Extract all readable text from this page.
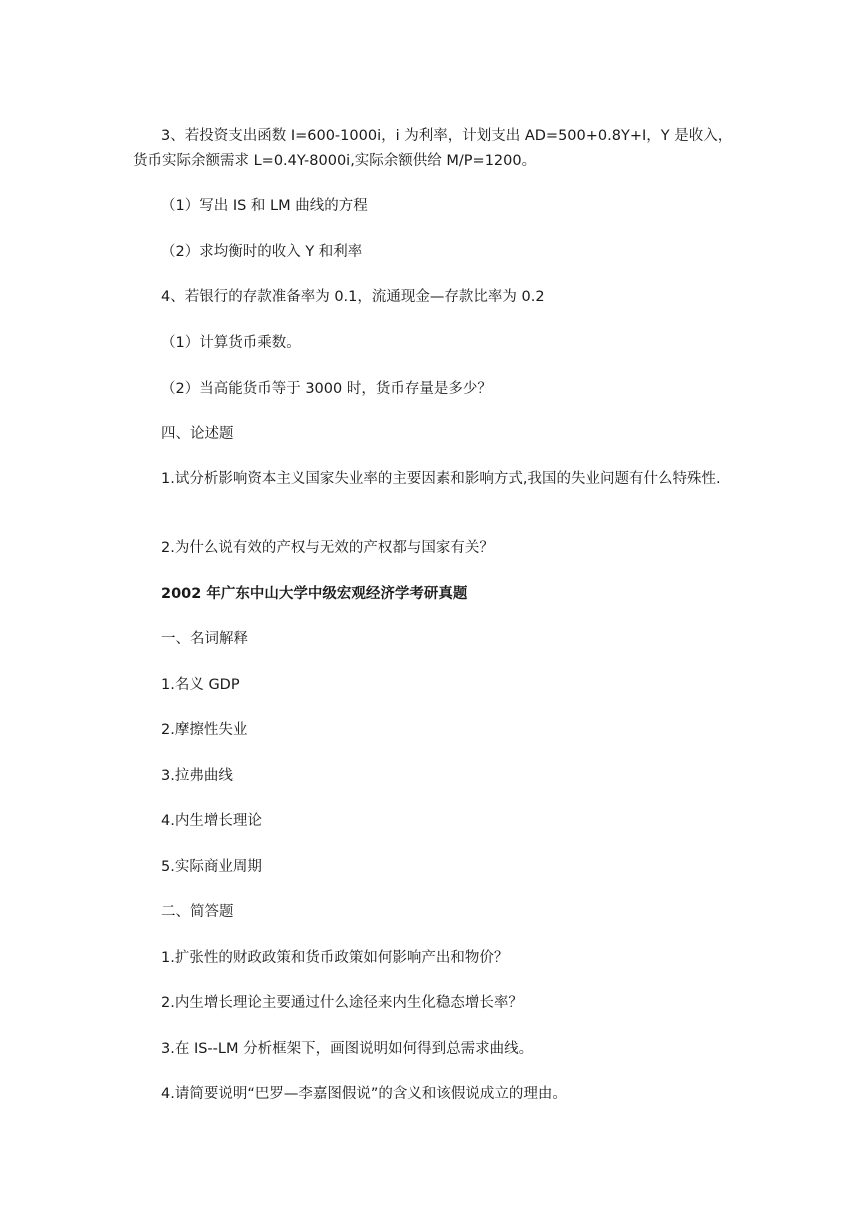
3、若投资支出函数 I=600-1000i，i 为利率，计划支出 AD=500+0.8Y+I，Y 是收入，货币实际余额需求 L=0.4Y-8000i,实际余额供给 M/P=1200。

（1）写出 IS 和 LM 曲线的方程

（2）求均衡时的收入 Y 和利率

4、若银行的存款准备率为 0.1，流通现金—存款比率为 0.2

（1）计算货币乘数。

（2）当高能货币等于 3000 时，货币存量是多少？

四、论述题

1.试分析影响资本主义国家失业率的主要因素和影响方式,我国的失业问题有什么特殊性.

2.为什么说有效的产权与无效的产权都与国家有关？

2002 年广东中山大学中级宏观经济学考研真题

一、名词解释

1.名义 GDP

2.摩擦性失业

3.拉弗曲线

4.内生增长理论

5.实际商业周期

二、简答题

1.扩张性的财政政策和货币政策如何影响产出和物价？

2.内生增长理论主要通过什么途径来内生化稳态增长率？

3.在 IS--LM 分析框架下，画图说明如何得到总需求曲线。

4.请简要说明“巴罗—李嘉图假说”的含义和该假说成立的理由。
